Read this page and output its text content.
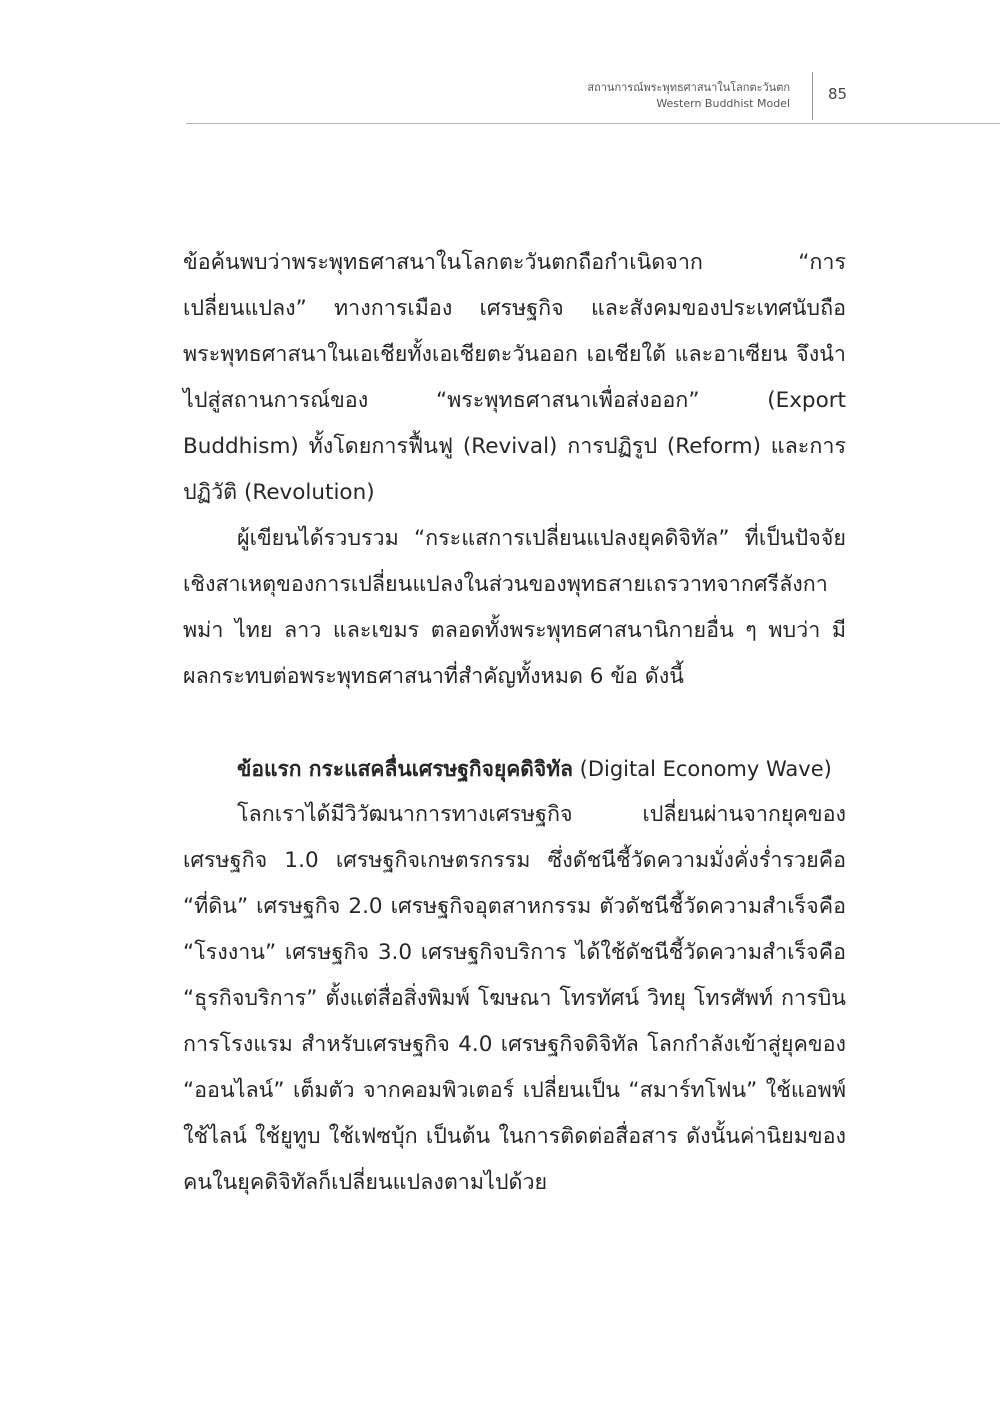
สถานการณ์พระพุทธศาสนาในโลกตะวันตก
Western Buddhist Model
85

ข้อค้นพบว่าพระพุทธศาสนาในโลกตะวันตกถือกำเนิดจาก “การเปลี่ยนแปลง” ทางการเมือง เศรษฐกิจ และสังคมของประเทศนับถือพระพุทธศาสนาในเอเชียทั้งเอเชียตะวันออก เอเชียใต้ และอาเซียน จึงนำไปสู่สถานการณ์ของ “พระพุทธศาสนาเพื่อส่งออก” (Export Buddhism) ทั้งโดยการฟื้นฟู (Revival) การปฏิรูป (Reform) และการปฏิวัติ (Revolution)

ผู้เขียนได้รวบรวม “กระแสการเปลี่ยนแปลงยุคดิจิทัล” ที่เป็นปัจจัยเชิงสาเหตุของการเปลี่ยนแปลงในส่วนของพุทธสายเถรวาทจากศรีลังกา พม่า ไทย ลาว และเขมร ตลอดทั้งพระพุทธศาสนานิกายอื่น ๆ พบว่า มีผลกระทบต่อพระพุทธศาสนาที่สำคัญทั้งหมด 6 ข้อ ดังนี้

ข้อแรก กระแสคลื่นเศรษฐกิจยุคดิจิทัล (Digital Economy Wave)

โลกเราได้มีวิวัฒนาการทางเศรษฐกิจ เปลี่ยนผ่านจากยุคของเศรษฐกิจ 1.0 เศรษฐกิจเกษตรกรรม ซึ่งดัชนีชี้วัดความมั่งคั่งร่ำรวยคือ “ที่ดิน” เศรษฐกิจ 2.0 เศรษฐกิจอุตสาหกรรม ตัวดัชนีชี้วัดความสำเร็จคือ “โรงงาน” เศรษฐกิจ 3.0 เศรษฐกิจบริการ ได้ใช้ดัชนีชี้วัดความสำเร็จคือ “ธุรกิจบริการ” ตั้งแต่สื่อสิ่งพิมพ์ โฆษณา โทรทัศน์ วิทยุ โทรศัพท์ การบิน การโรงแรม สำหรับเศรษฐกิจ 4.0 เศรษฐกิจดิจิทัล โลกกำลังเข้าสู่ยุคของ “ออนไลน์” เต็มตัว จากคอมพิวเตอร์ เปลี่ยนเป็น “สมาร์ทโฟน” ใช้แอพพ์ ใช้ไลน์ ใช้ยูทูบ ใช้เฟซบุ้ก เป็นต้น ในการติดต่อสื่อสาร ดังนั้นค่านิยมของคนในยุคดิจิทัลก็เปลี่ยนแปลงตามไปด้วย
